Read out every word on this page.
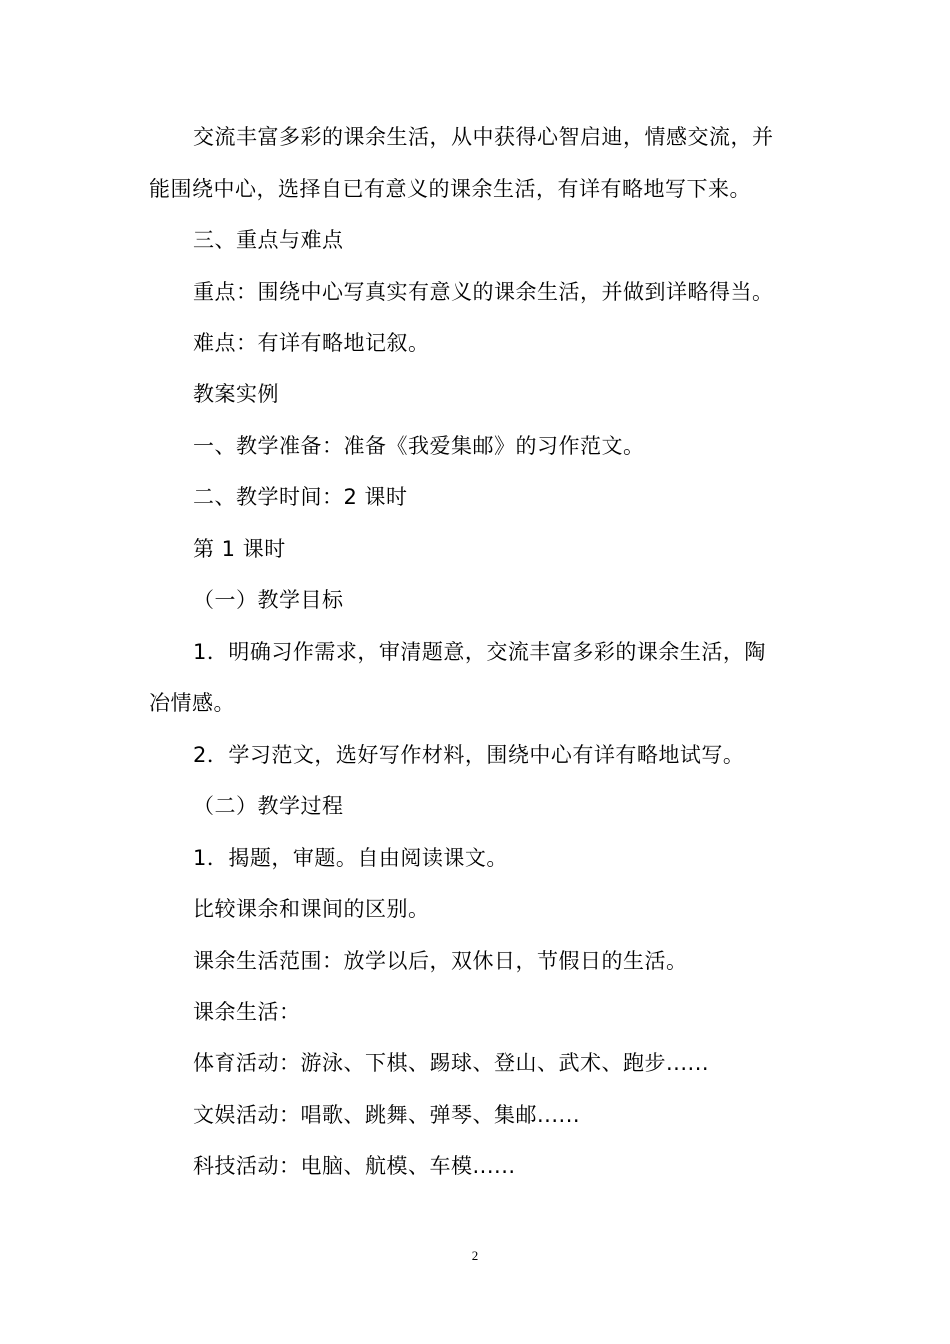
交流丰富多彩的课余生活，从中获得心智启迪，情感交流，并
能围绕中心，选择自已有意义的课余生活，有详有略地写下来。
三、重点与难点
重点：围绕中心写真实有意义的课余生活，并做到详略得当。
难点：有详有略地记叙。
教案实例
一、教学准备：准备《我爱集邮》的习作范文。
二、教学时间：2 课时
第 1 课时
（一）教学目标
1．明确习作需求，审清题意，交流丰富多彩的课余生活，陶
冶情感。
2．学习范文，选好写作材料，围绕中心有详有略地试写。
（二）教学过程
1．揭题，审题。自由阅读课文。
比较课余和课间的区别。
课余生活范围：放学以后，双休日，节假日的生活。
课余生活：
体育活动：游泳、下棋、踢球、登山、武术、跑步......
文娱活动：唱歌、跳舞、弹琴、集邮......
科技活动：电脑、航模、车模......
2
